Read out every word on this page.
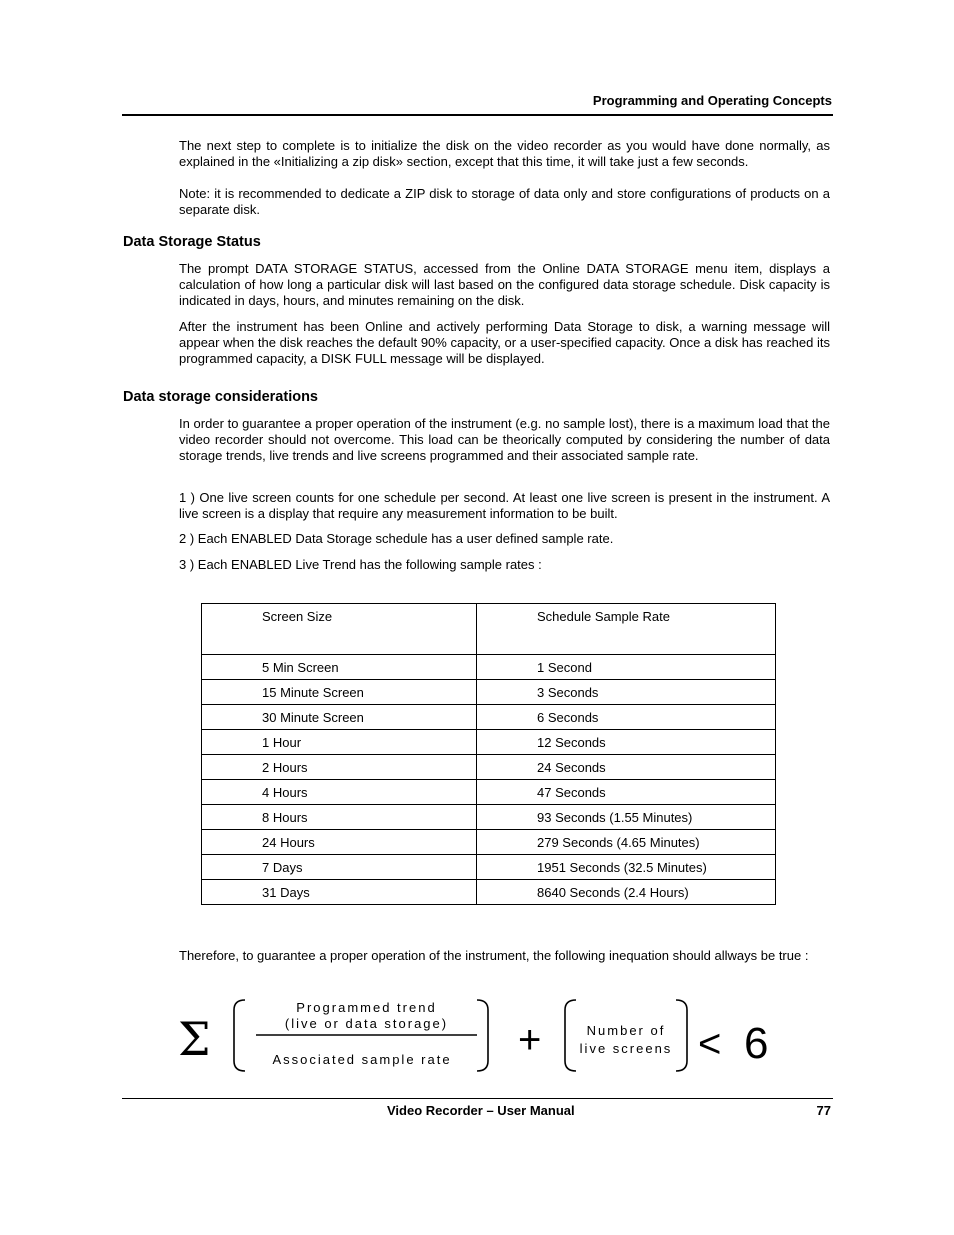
Programming and Operating Concepts
The next step to complete is to initialize the disk on the video recorder as you would have done normally, as explained in the «Initializing a zip disk» section, except that this time, it will take just a few seconds.
Note: it is recommended to dedicate a ZIP disk to storage of data only and store configurations of products on a separate disk.
Data Storage Status
The prompt DATA STORAGE STATUS, accessed from the Online DATA STORAGE menu item, displays a calculation of how long a particular disk will last based on the configured data storage schedule. Disk capacity is indicated in days, hours, and minutes remaining on the disk.
After the instrument has been Online and actively performing Data Storage to disk, a warning message will appear when the disk reaches the default 90% capacity, or a user-specified capacity. Once a disk has reached its programmed capacity, a DISK FULL message will be displayed.
Data storage considerations
In order to guarantee a proper operation of the instrument (e.g. no sample lost), there is a maximum load that the video recorder should not overcome. This load can be theorically computed by considering the number of data storage trends, live trends and live screens programmed and their associated sample rate.
1 ) One live screen counts for one schedule per second. At least one live screen is present in the instrument. A live screen is a display that require any measurement information to be built.
2 ) Each ENABLED Data Storage schedule has a user defined sample rate.
3 ) Each ENABLED Live Trend has the following sample rates :
Screen Size	Schedule Sample Rate
5 Min Screen	1 Second
15 Minute Screen	3 Seconds
30 Minute Screen	6 Seconds
1 Hour	12 Seconds
2 Hours	24 Seconds
4 Hours	47 Seconds
8 Hours	93 Seconds (1.55 Minutes)
24 Hours	279 Seconds (4.65 Minutes)
7 Days	1951 Seconds (32.5 Minutes)
31 Days	8640 Seconds (2.4 Hours)
Therefore, to guarantee a proper operation of the instrument, the following inequation should allways be true :
Σ
Programmed trend
(live or data storage)
Associated sample rate	+	Number of
live screens < 6
Video Recorder – User Manual	77
